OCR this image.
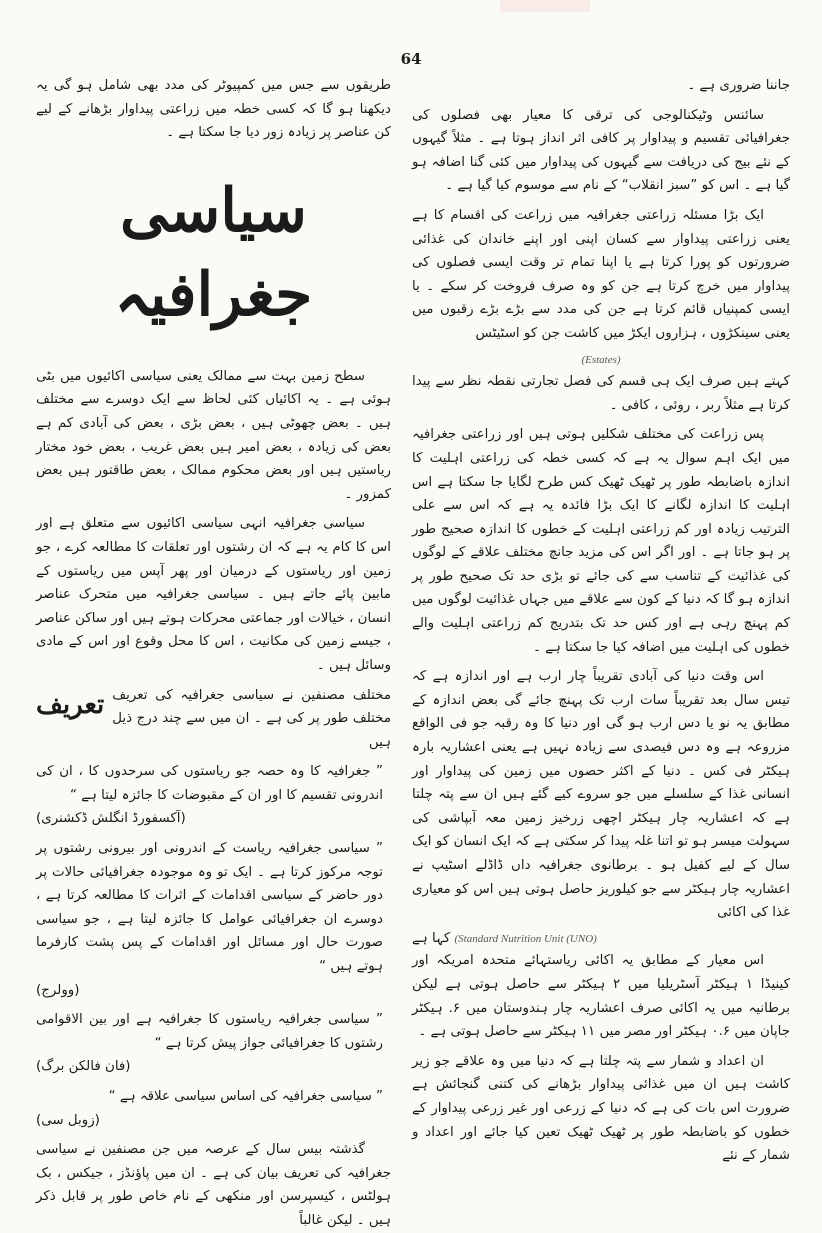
64

جاننا ضروری ہے ۔

سائنس وٹیکنالوجی کی ترقی کا معیار بھی فصلوں کی جغرافیائی تقسیم و پیداوار پر کافی اثر انداز ہوتا ہے ۔ مثلاً گیہوں کے نئے بیج کی دریافت سے گیہوں کی پیداوار میں کئی گنا اضافہ ہو گیا ہے ۔ اس کو ”سبز انقلاب“ کے نام سے موسوم کیا گیا ہے ۔

ایک بڑا مسئلہ زراعتی جغرافیہ میں زراعت کی اقسام کا ہے یعنی زراعتی پیداوار سے کسان اپنی اور اپنے خاندان کی غذائی ضرورتوں کو پورا کرتا ہے یا اپنا تمام تر وقت ایسی فصلوں کی پیداوار میں خرچ کرتا ہے جن کو وہ صرف فروخت کر سکے ۔ یا ایسی کمپنیاں قائم کرتا ہے جن کی مدد سے بڑے بڑے رقبوں میں یعنی سینکڑوں ، ہزاروں ایکڑ میں کاشت جن کو اسٹیٹس

(Estates)

کہتے ہیں صرف ایک ہی قسم کی فصل تجارتی نقطہ نظر سے پیدا کرتا ہے مثلاً ربر ، روئی ، کافی ۔

پس زراعت کی مختلف شکلیں ہوتی ہیں اور زراعتی جغرافیہ میں ایک اہم سوال یہ ہے کہ کسی خطہ کی زراعتی اہلیت کا اندازہ باضابطہ طور پر ٹھیک ٹھیک کس طرح لگایا جا سکتا ہے اس اہلیت کا اندازہ لگانے کا ایک بڑا فائدہ یہ ہے کہ اس سے علی الترتیب زیادہ اور کم زراعتی اہلیت کے خطوں کا اندازہ صحیح طور پر ہو جاتا ہے ۔ اور اگر اس کی مزید جانچ مختلف علاقے کے لوگوں کی غذائیت کے تناسب سے کی جائے تو بڑی حد تک صحیح طور پر اندازہ ہو گا کہ دنیا کے کون سے علاقے میں جہاں غذائیت لوگوں میں کم پہنچ رہی ہے اور کس حد تک بتدریج کم زراعتی اہلیت والے خطوں کی اہلیت میں اضافہ کیا جا سکتا ہے ۔

اس وقت دنیا کی آبادی تقریباً چار ارب ہے اور اندازہ ہے کہ تیس سال بعد تقریباً سات ارب تک پہنچ جائے گی بعض اندازہ کے مطابق یہ نو یا دس ارب ہو گی اور دنیا کا وہ رقبہ جو فی الواقع مزروعہ ہے وہ دس فیصدی سے زیادہ نہیں ہے یعنی اعشاریہ بارہ ہیکٹر فی کس ۔ دنیا کے اکثر حصوں میں زمین کی پیداوار اور انسانی غذا کے سلسلے میں جو سروے کیے گئے ہیں ان سے پتہ چلتا ہے کہ اعشاریہ چار ہیکٹر اچھی زرخیز زمین معہ آبپاشی کی سہولت میسر ہو تو اتنا غلہ پیدا کر سکتی ہے کہ ایک انسان کو ایک سال کے لیے کفیل ہو ۔ برطانوی جغرافیہ داں ڈاڈلے اسٹیپ نے اعشاریہ چار ہیکٹر سے جو کیلوریز حاصل ہوتی ہیں اس کو معیاری غذا کی اکائی

(Standard Nutrition Unit (UNO) کہا ہے

اس معیار کے مطابق یہ اکائی ریاستہائے متحدہ امریکہ اور کینیڈا ۱ ہیکٹر آسٹریلیا میں ۲ ہیکٹر سے حاصل ہوتی ہے لیکن برطانیہ میں یہ اکائی صرف اعشاریہ چار ہندوستان میں ۶. ہیکٹر جاپان میں ۰.۶ ہیکٹر اور مصر میں ۱۱ ہیکٹر سے حاصل ہوتی ہے ۔

ان اعداد و شمار سے پتہ چلتا ہے کہ دنیا میں وہ علاقے جو زیر کاشت ہیں ان میں غذائی پیداوار بڑھانے کی کتنی گنجائش ہے ضرورت اس بات کی ہے کہ دنیا کے زرعی اور غیر زرعی پیداوار کے خطوں کو باضابطہ طور پر ٹھیک ٹھیک تعین کیا جائے اور اعداد و شمار کے نئے

طریقوں سے جس میں کمپیوٹر کی مدد بھی شامل ہو گی یہ دیکھنا ہو گا کہ کسی خطہ میں زراعتی پیداوار بڑھانے کے لیے کن عناصر پر زیادہ زور دیا جا سکتا ہے ۔

سیاسی جغرافیہ

سطح زمین بہت سے ممالک یعنی سیاسی اکائیوں میں بٹی ہوئی ہے ۔ یہ اکائیاں کئی لحاظ سے ایک دوسرے سے مختلف ہیں ۔ بعض چھوٹی ہیں ، بعض بڑی ، بعض کی آبادی کم ہے بعض کی زیادہ ، بعض امیر ہیں بعض غریب ، بعض خود مختار ریاستیں ہیں اور بعض محکوم ممالک ، بعض طاقتور ہیں بعض کمزور ۔

سیاسی جغرافیہ انہی سیاسی اکائیوں سے متعلق ہے اور اس کا کام یہ ہے کہ ان رشتوں اور تعلقات کا مطالعہ کرے ، جو زمین اور ریاستوں کے درمیان اور پھر آپس میں ریاستوں کے مابین پائے جاتے ہیں ۔ سیاسی جغرافیہ میں متحرک عناصر انسان ، خیالات اور جماعتی محرکات ہوتے ہیں اور ساکن عناصر ، جیسے زمین کی مکانیت ، اس کا محل وقوع اور اس کے مادی وسائل ہیں ۔

مختلف مصنفین نے سیاسی جغرافیہ کی تعریف مختلف طور پر کی ہے ۔ ان میں سے چند درج ذیل ہیں
تعریف

” جغرافیہ کا وہ حصہ جو ریاستوں کی سرحدوں کا ، ان کی اندرونی تقسیم کا اور ان کے مقبوضات کا جائزہ لیتا ہے “
(آکسفورڈ انگلش ڈکشنری)

” سیاسی جغرافیہ ریاست کے اندرونی اور بیرونی رشتوں پر توجہ مرکوز کرتا ہے ۔ ایک تو وہ موجودہ جغرافیائی حالات پر دور حاضر کے سیاسی اقدامات کے اثرات کا مطالعہ کرتا ہے ، دوسرے ان جغرافیائی عوامل کا جائزہ لیتا ہے ، جو سیاسی صورت حال اور مسائل اور اقدامات کے پس پشت کارفرما ہوتے ہیں “
(وولرج)

” سیاسی جغرافیہ ریاستوں کا جغرافیہ ہے اور بین الاقوامی رشتوں کا جغرافیائی جواز پیش کرتا ہے “
(فان فالکن برگ)

” سیاسی جغرافیہ کی اساس سیاسی علاقہ ہے “
(زوبل سی)

گذشتہ بیس سال کے عرصہ میں جن مصنفین نے سیاسی جغرافیہ کی تعریف بیان کی ہے ۔ ان میں پاؤنڈز ، جیکس ، بک ہولٹس ، کیسپرسن اور منکھی کے نام خاص طور پر قابل ذکر ہیں ۔ لیکن غالباً
